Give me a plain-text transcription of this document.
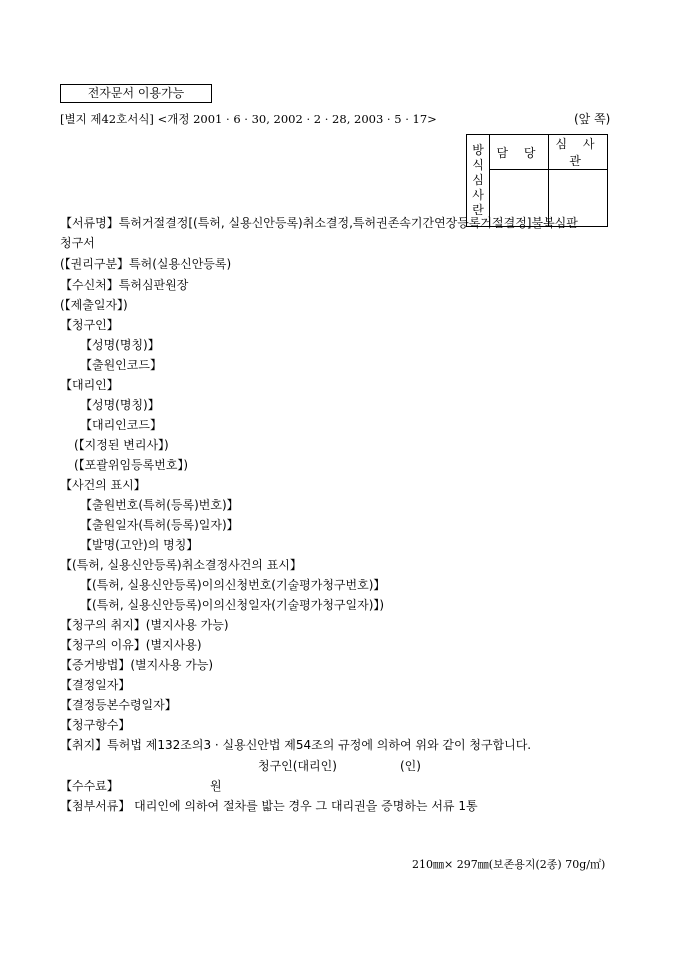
전자문서 이용가능
[별지 제42호서식] <개정 2001 · 6 · 30, 2002 · 2 · 28, 2003 · 5 · 17>	(앞 쪽)
방
식
심
사
란	담 당	심 사 관

【서류명】특허거절결정[(특허, 실용신안등록)취소결정,특허권존속기간연장등록거절결정]불복심판
청구서
(【권리구분】특허(실용신안등록)
【수신처】특허심판원장
(【제출일자】)
【청구인】
【성명(명칭)】
【출원인코드】
【대리인】
【성명(명칭)】
【대리인코드】
(【지정된 변리사】)
(【포괄위임등록번호】)
【사건의 표시】
【출원번호(특허(등록)번호)】
【출원일자(특허(등록)일자)】
【발명(고안)의 명칭】
【(특허, 실용신안등록)취소결정사건의 표시】
【(특허, 실용신안등록)이의신청번호(기술평가청구번호)】
【(특허, 실용신안등록)이의신청일자(기술평가청구일자)】)
【청구의 취지】(별지사용 가능)
【청구의 이유】(별지사용)
【증거방법】(별지사용 가능)
【결정일자】
【결정등본수령일자】
【청구항수】
【취지】특허법 제132조의3 · 실용신안법 제54조의 규정에 의하여 위와 같이 청구합니다.
청구인(대리인)	(인)
【수수료】	원
【첨부서류】 대리인에 의하여 절차를 밟는 경우 그 대리권을 증명하는 서류 1통
210㎜× 297㎜(보존용지(2종) 70g/㎡)
